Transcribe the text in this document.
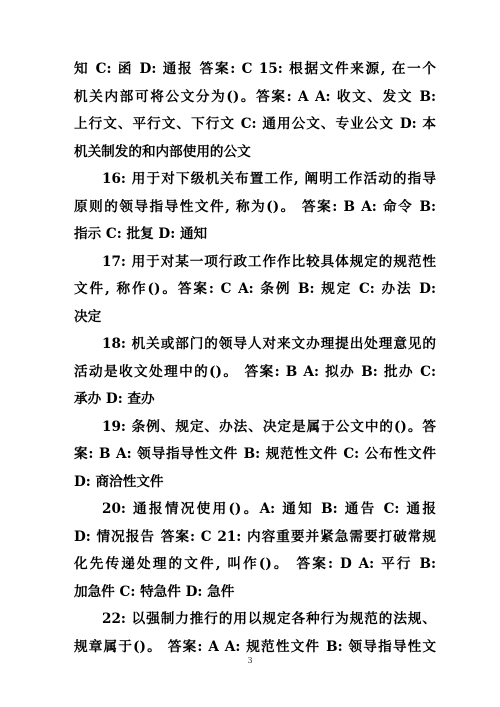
知 C: 函 D: 通报 答案: C 15: 根据文件来源, 在一个
机关内部可将公文分为()。答案: A A: 收文、发文 B:
上行文、平行文、下行文 C: 通用公文、专业公文 D: 本
机关制发的和内部使用的公文
16: 用于对下级机关布置工作, 阐明工作活动的指导
原则的领导指导性文件, 称为()。 答案: B A: 命令 B:
指示 C: 批复 D: 通知
17: 用于对某一项行政工作作比较具体规定的规范性
文件, 称作()。答案: C A: 条例 B: 规定 C: 办法 D:
决定
18: 机关或部门的领导人对来文办理提出处理意见的
活动是收文处理中的()。 答案: B A: 拟办 B: 批办 C:
承办 D: 查办
19: 条例、规定、办法、决定是属于公文中的()。答
案: B A: 领导指导性文件 B: 规范性文件 C: 公布性文件
D: 商洽性文件
20: 通报情况使用()。A: 通知 B: 通告 C: 通报
D: 情况报告 答案: C 21: 内容重要并紧急需要打破常规
化先传递处理的文件, 叫作()。 答案: D A: 平行 B:
加急件 C: 特急件 D: 急件
22: 以强制力推行的用以规定各种行为规范的法规、
规章属于()。 答案: A A: 规范性文件 B: 领导指导性文
3
